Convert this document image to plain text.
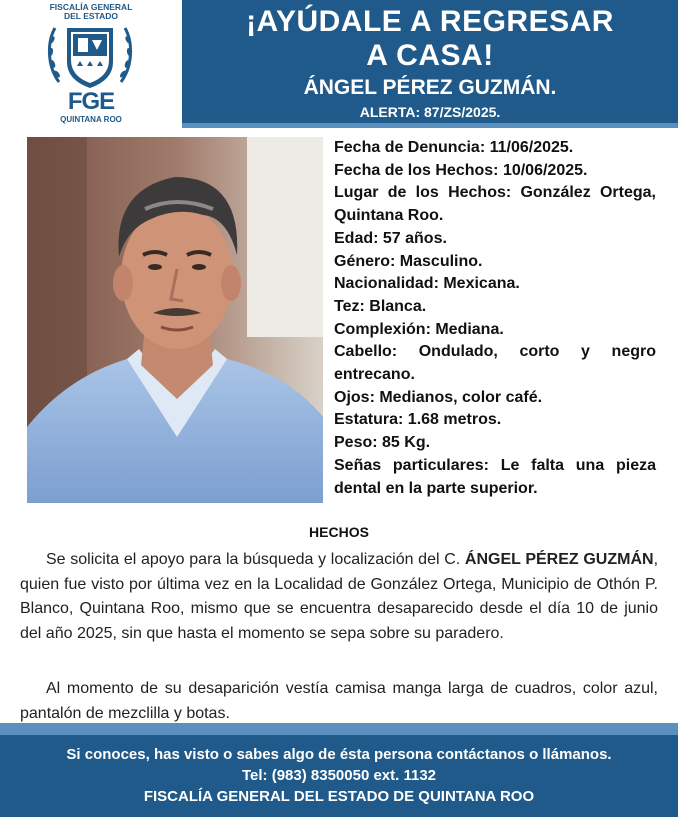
FISCALÍA GENERAL
DEL ESTADO
FGE
QUINTANA ROO
¡AYÚDALE A REGRESAR
A CASA!
ÁNGEL PÉREZ GUZMÁN.
ALERTA: 87/ZS/2025.
Fecha de Denuncia: 11/06/2025.
Fecha de los Hechos: 10/06/2025.
Lugar de los Hechos: González Ortega, Quintana Roo.
Edad: 57 años.
Género: Masculino.
Nacionalidad: Mexicana.
Tez: Blanca.
Complexión: Mediana.
Cabello: Ondulado, corto y negro entrecano.
Ojos: Medianos, color café.
Estatura: 1.68 metros.
Peso: 85 Kg.
Señas particulares: Le falta una pieza dental en la parte superior.
HECHOS

Se solicita el apoyo para la búsqueda y localización del C. ÁNGEL PÉREZ GUZMÁN, quien fue visto por última vez en la Localidad de González Ortega, Municipio de Othón P. Blanco, Quintana Roo, mismo que se encuentra desaparecido desde el día 10 de junio del año 2025, sin que hasta el momento se sepa sobre su paradero.

Al momento de su desaparición vestía camisa manga larga de cuadros, color azul, pantalón de mezclilla y botas.

Si conoces, has visto o sabes algo de ésta persona contáctanos o llámanos.
Tel: (983) 8350050 ext. 1132
FISCALÍA GENERAL DEL ESTADO DE QUINTANA ROO
